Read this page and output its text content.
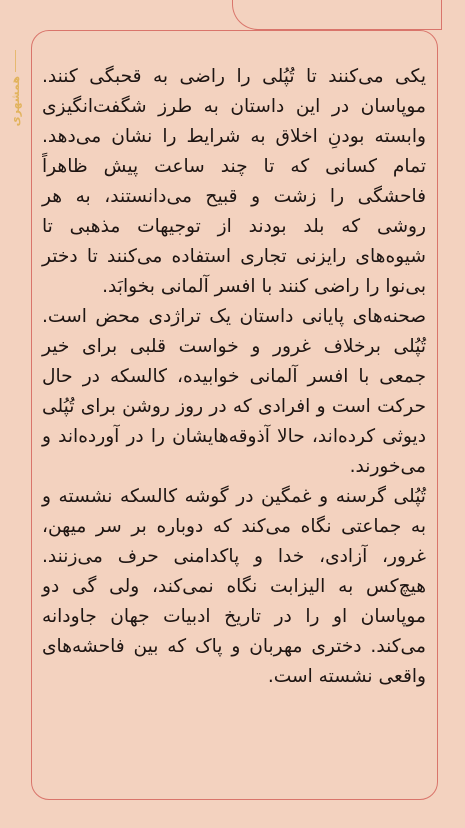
همشهری یکی می‌کنند تا تُپُلی را راضی به قحبگی کنند. موپاسان در این داستان به طرز شگفت‌انگیزی وابسته بودنِ اخلاق به شرایط را نشان می‌دهد. تمام کسانی که تا چند ساعت پیش ظاهراً فاحشگی را زشت و قبیح می‌دانستند، به هر روشی که بلد بودند از توجیهات مذهبی تا شیوه‌های رایزنی تجاری استفاده می‌کنند تا دختر بی‌نوا را راضی کنند با افسر آلمانی بخوابَد.

صحنه‌های پایانی داستان یک تراژدی محض است. تُپُلی برخلاف غرور و خواست قلبی برای خیر جمعی با افسر آلمانی خوابیده، کالسکه در حال حرکت است و افرادی که در روز روشن برای تُپُلی دیوثی کرده‌اند، حالا آذوقه‌هایشان را در آورده‌اند و می‌خورند.

تُپُلی گرسنه و غمگین در گوشه کالسکه نشسته و به جماعتی نگاه می‌کند که دوباره بر سر میهن، غرور، آزادی، خدا و پاکدامنی حرف می‌زنند. هیچ‌کس به الیزابت نگاه نمی‌کند، ولی گی دو موپاسان او را در تاریخ ادبیات جهان جاودانه می‌کند. دختری مهربان و پاک که بین فاحشه‌های واقعی نشسته است.
